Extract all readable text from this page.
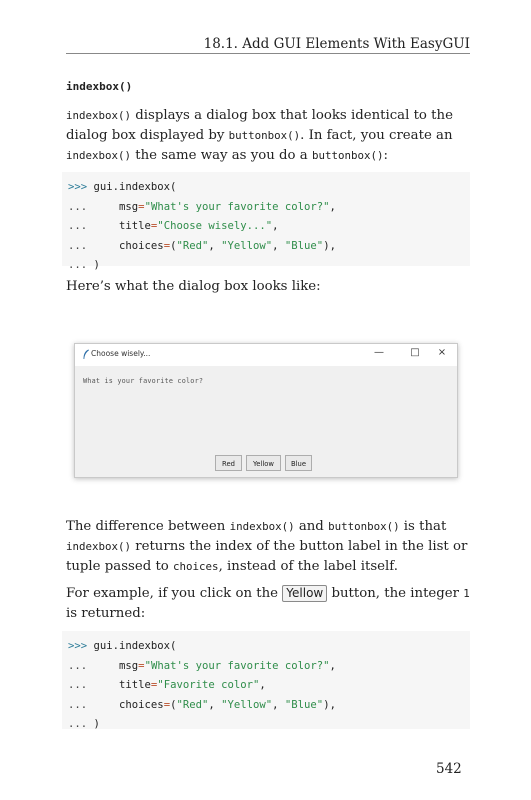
18.1. Add GUI Elements With EasyGUI
indexbox()
indexbox() displays a dialog box that looks identical to the dialog box displayed by buttonbox(). In fact, you create an indexbox() the same way as you do a buttonbox():
>>> gui.indexbox(
...	msg="What's your favorite color?",
...	title="Choose wisely...",
...	choices=("Red", "Yellow", "Blue"),
... )
Here’s what the dialog box looks like:
Choose wisely...	—	□	×
What is your favorite color?
Red	Yellow	Blue
The difference between indexbox() and buttonbox() is that indexbox() returns the index of the button label in the list or tuple passed to choices, instead of the label itself.
For example, if you click on the Yellow button, the integer 1 is returned:
>>> gui.indexbox(
...	msg="What's your favorite color?",
...	title="Favorite color",
...	choices=("Red", "Yellow", "Blue"),
... )
542
